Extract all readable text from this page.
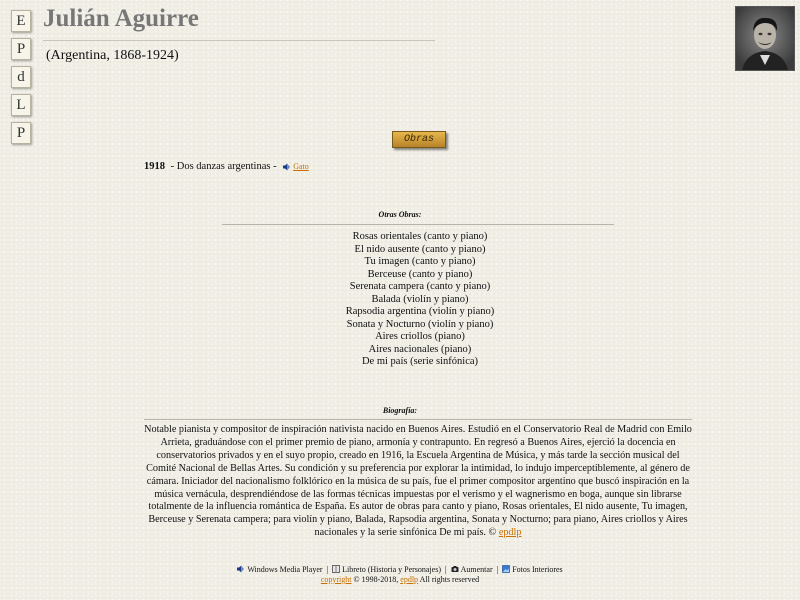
E
P
d
L
P
Julián Aguirre
(Argentina, 1868-1924)
Obras
1918 - Dos danzas argentinas - Gato
Otras Obras:
Rosas orientales (canto y piano)
El nido ausente (canto y piano)
Tu imagen (canto y piano)
Berceuse (canto y piano)
Serenata campera (canto y piano)
Balada (violín y piano)
Rapsodia argentina (violín y piano)
Sonata y Nocturno (violín y piano)
Aires criollos (piano)
Aires nacionales (piano)
De mi país (serie sinfónica)
Biografía:
Notable pianista y compositor de inspiración nativista nacido en Buenos Aires. Estudió en el Conservatorio Real de Madrid con Emilo Arrieta, graduándose con el primer premio de piano, armonía y contrapunto. En regresó a Buenos Aires, ejerció la docencia en conservatorios privados y en el suyo propio, creado en 1916, la Escuela Argentina de Música, y más tarde la sección musical del Comité Nacional de Bellas Artes. Su condición y su preferencia por explorar la intimidad, lo indujo imperceptiblemente, al género de cámara. Iniciador del nacionalismo folklórico en la música de su país, fue el primer compositor argentino que buscó inspiración en la música vernácula, desprendiéndose de las formas técnicas impuestas por el verismo y el wagnerismo en boga, aunque sin librarse totalmente de la influencia romántica de España. Es autor de obras para canto y piano, Rosas orientales, El nido ausente, Tu imagen, Berceuse y Serenata campera; para violín y piano, Balada, Rapsodia argentina, Sonata y Nocturno; para piano, Aires criollos y Aires nacionales y la serie sinfónica De mi país. © epdlp
Windows Media Player | Libreto (Historia y Personajes) | Aumentar | Fotos Interiores
copyright © 1998-2018, epdlp All rights reserved
